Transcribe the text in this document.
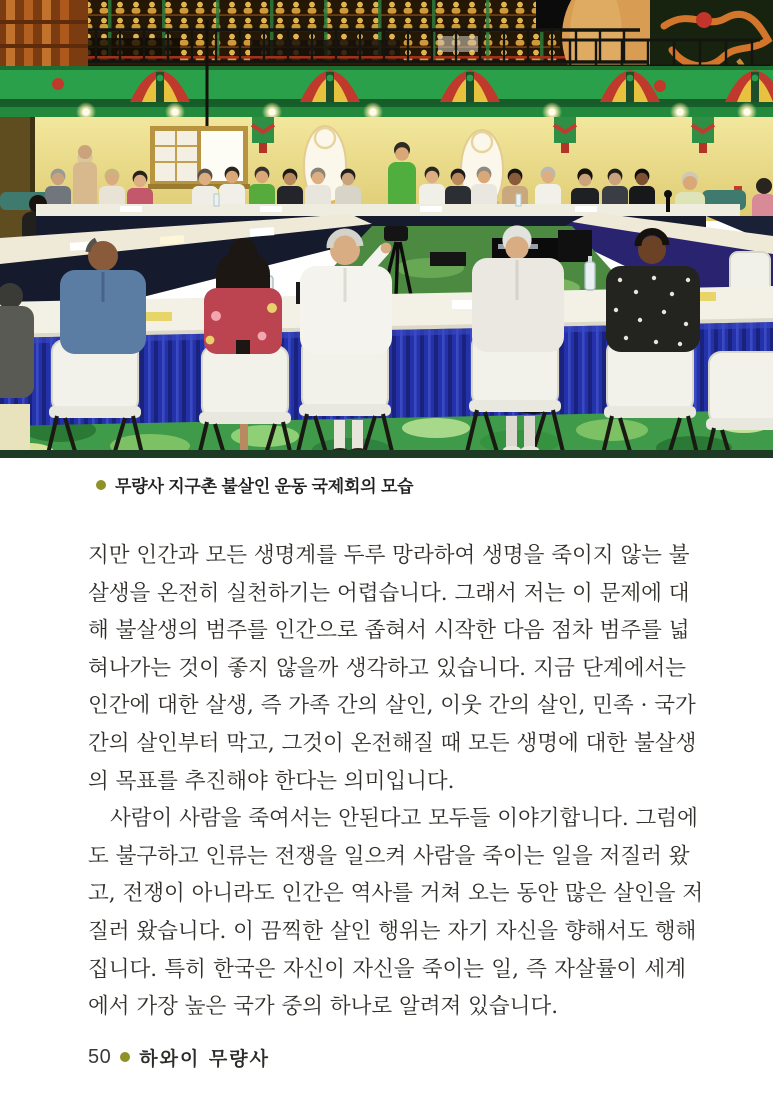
무량사 지구촌 불살인 운동 국제회의 모습
지만 인간과 모든 생명계를 두루 망라하여 생명을 죽이지 않는 불
살생을 온전히 실천하기는 어렵습니다. 그래서 저는 이 문제에 대
해 불살생의 범주를 인간으로 좁혀서 시작한 다음 점차 범주를 넓
혀나가는 것이 좋지 않을까 생각하고 있습니다. 지금 단계에서는
인간에 대한 살생, 즉 가족 간의 살인, 이웃 간의 살인, 민족 · 국가
간의 살인부터 막고, 그것이 온전해질 때 모든 생명에 대한 불살생
의 목표를 추진해야 한다는 의미입니다.
사람이 사람을 죽여서는 안된다고 모두들 이야기합니다. 그럼에
도 불구하고 인류는 전쟁을 일으켜 사람을 죽이는 일을 저질러 왔
고, 전쟁이 아니라도 인간은 역사를 거쳐 오는 동안 많은 살인을 저
질러 왔습니다. 이 끔찍한 살인 행위는 자기 자신을 향해서도 행해
집니다. 특히 한국은 자신이 자신을 죽이는 일, 즉 자살률이 세계
에서 가장 높은 국가 중의 하나로 알려져 있습니다.
50 하와이 무량사
